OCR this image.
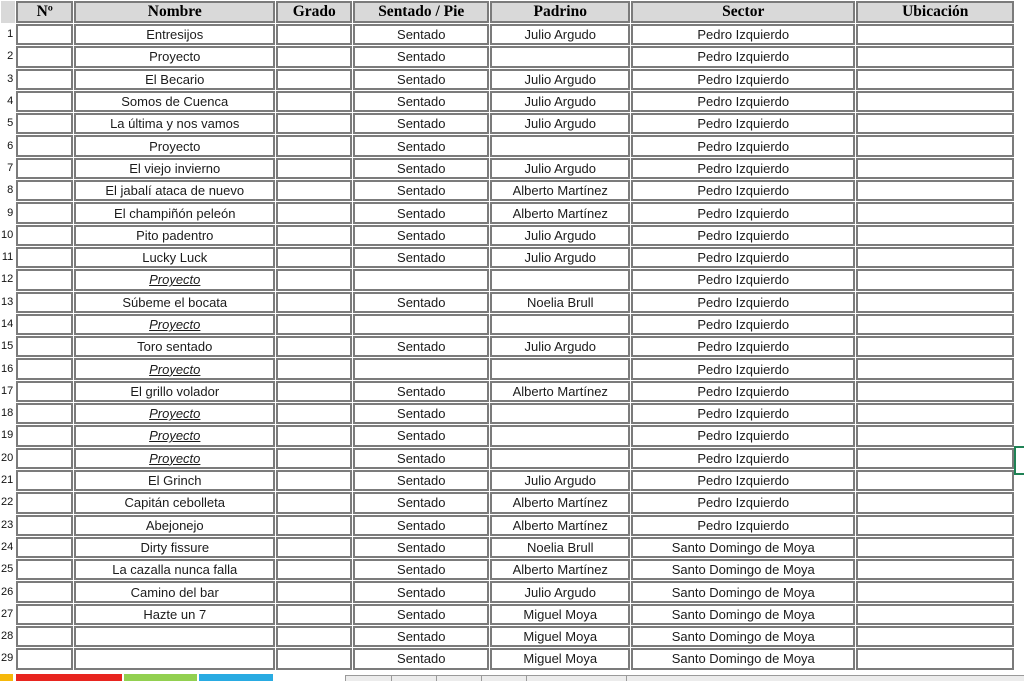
	Nº	Nombre	Grado	Sentado / Pie	Padrino	Sector	Ubicación
1		Entresijos		Sentado	Julio Argudo	Pedro Izquierdo	
2		Proyecto		Sentado		Pedro Izquierdo	
3		El Becario		Sentado	Julio Argudo	Pedro Izquierdo	
4		Somos de Cuenca		Sentado	Julio Argudo	Pedro Izquierdo	
5		La última y nos vamos		Sentado	Julio Argudo	Pedro Izquierdo	
6		Proyecto		Sentado		Pedro Izquierdo	
7		El viejo invierno		Sentado	Julio Argudo	Pedro Izquierdo	
8		El jabalí ataca de nuevo		Sentado	Alberto Martínez	Pedro Izquierdo	
9		El champiñón peleón		Sentado	Alberto Martínez	Pedro Izquierdo	
10		Pito padentro		Sentado	Julio Argudo	Pedro Izquierdo	
11		Lucky Luck		Sentado	Julio Argudo	Pedro Izquierdo	
12		Proyecto				Pedro Izquierdo	
13		Súbeme el bocata		Sentado	Noelia Brull	Pedro Izquierdo	
14		Proyecto				Pedro Izquierdo	
15		Toro sentado		Sentado	Julio Argudo	Pedro Izquierdo	
16		Proyecto				Pedro Izquierdo	
17		El grillo volador		Sentado	Alberto Martínez	Pedro Izquierdo	
18		Proyecto		Sentado		Pedro Izquierdo	
19		Proyecto		Sentado		Pedro Izquierdo	
20		Proyecto		Sentado		Pedro Izquierdo	
21		El Grinch		Sentado	Julio Argudo	Pedro Izquierdo	
22		Capitán cebolleta		Sentado	Alberto Martínez	Pedro Izquierdo	
23		Abejonejo		Sentado	Alberto Martínez	Pedro Izquierdo	
24		Dirty fissure		Sentado	Noelia Brull	Santo Domingo de Moya	
25		La cazalla nunca falla		Sentado	Alberto Martínez	Santo Domingo de Moya	
26		Camino del bar		Sentado	Julio Argudo	Santo Domingo de Moya	
27		Hazte un 7		Sentado	Miguel Moya	Santo Domingo de Moya	
28				Sentado	Miguel Moya	Santo Domingo de Moya	
29				Sentado	Miguel Moya	Santo Domingo de Moya	
